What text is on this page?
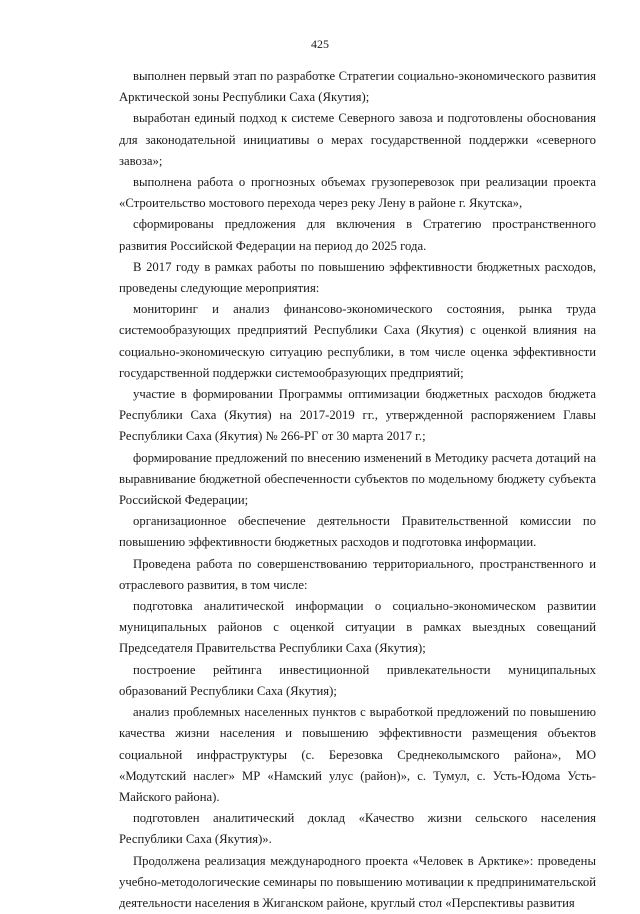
425

выполнен первый этап по разработке Стратегии социально-экономического развития Арктической зоны Республики Саха (Якутия);

выработан единый подход к системе Северного завоза и подготовлены обоснования для законодательной инициативы о мерах государственной поддержки «северного завоза»;

выполнена работа о прогнозных объемах грузоперевозок при реализации проекта «Строительство мостового перехода через реку Лену в районе г. Якутска»,

сформированы предложения для включения в Стратегию пространственного развития Российской Федерации на период до 2025 года.

В 2017 году в рамках работы по повышению эффективности бюджетных расходов, проведены следующие мероприятия:

мониторинг и анализ финансово-экономического состояния, рынка труда системообразующих предприятий Республики Саха (Якутия) с оценкой влияния на социально-экономическую ситуацию республики, в том числе оценка эффективности государственной поддержки системообразующих предприятий;

участие в формировании Программы оптимизации бюджетных расходов бюджета Республики Саха (Якутия) на 2017-2019 гг., утвержденной распоряжением Главы Республики Саха (Якутия) № 266-РГ от 30 марта 2017 г.;

формирование предложений по внесению изменений в Методику расчета дотаций на выравнивание бюджетной обеспеченности субъектов по модельному бюджету субъекта Российской Федерации;

организационное обеспечение деятельности Правительственной комиссии по повышению эффективности бюджетных расходов и подготовка информации.

Проведена работа по совершенствованию территориального, пространственного и отраслевого развития, в том числе:

подготовка аналитической информации о социально-экономическом развитии муниципальных районов с оценкой ситуации в рамках выездных совещаний Председателя Правительства Республики Саха (Якутия);

построение рейтинга инвестиционной привлекательности муниципальных образований Республики Саха (Якутия);

анализ проблемных населенных пунктов с выработкой предложений по повышению качества жизни населения и повышению эффективности размещения объектов социальной инфраструктуры (с. Березовка Среднеколымского района», МО «Модутский наслег» МР «Намский улус (район)», с. Тумул, с. Усть-Юдома Усть-Майского района).

подготовлен аналитический доклад «Качество жизни сельского населения Республики Саха (Якутия)».

Продолжена реализация международного проекта «Человек в Арктике»: проведены учебно-методологические семинары по повышению мотивации к предпринимательской деятельности населения в Жиганском районе, круглый стол «Перспективы развития
